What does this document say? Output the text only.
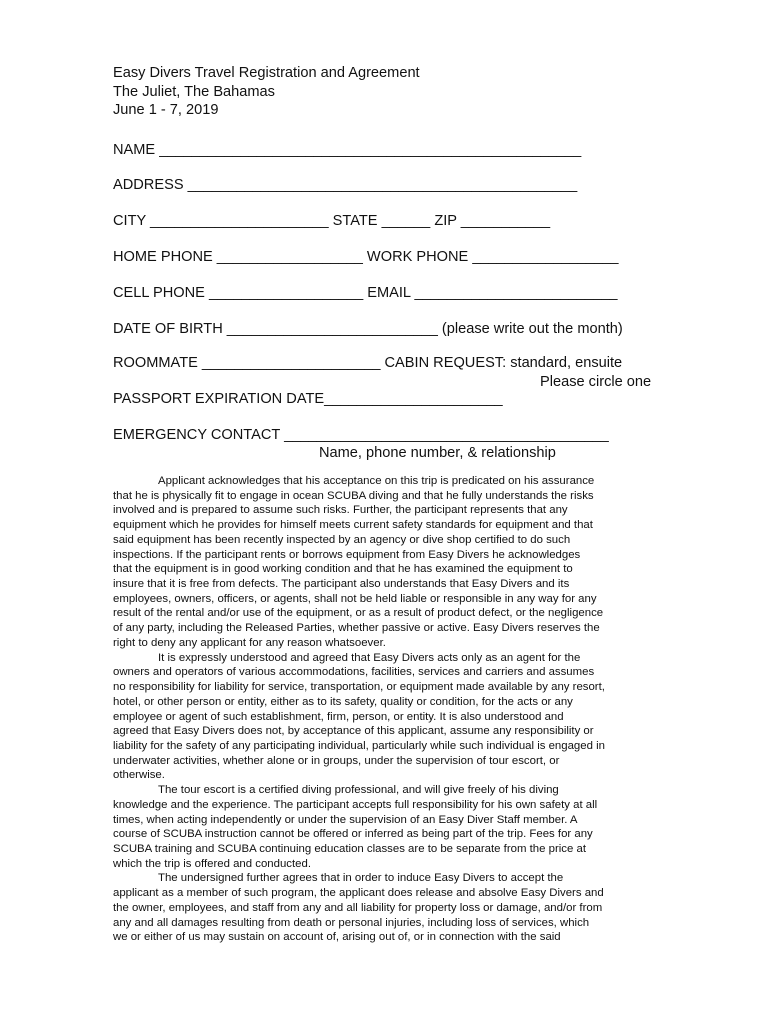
Easy Divers Travel Registration and Agreement
The Juliet, The Bahamas
June 1 - 7, 2019
NAME ____________________________________________________
ADDRESS ________________________________________________
CITY ______________________ STATE ______ ZIP ___________
HOME PHONE __________________ WORK PHONE __________________
CELL PHONE ___________________ EMAIL _________________________
DATE OF BIRTH __________________________ (please write out the month)
ROOMMATE ______________________ CABIN REQUEST: standard, ensuite
Please circle one
PASSPORT EXPIRATION DATE______________________
EMERGENCY CONTACT ________________________________________
Name, phone number, & relationship
Applicant acknowledges that his acceptance on this trip is predicated on his assurance
that he is physically fit to engage in ocean SCUBA diving and that he fully understands the risks
involved and is prepared to assume such risks. Further, the participant represents that any
equipment which he provides for himself meets current safety standards for equipment and that
said equipment has been recently inspected by an agency or dive shop certified to do such
inspections. If the participant rents or borrows equipment from Easy Divers he acknowledges
that the equipment is in good working condition and that he has examined the equipment to
insure that it is free from defects. The participant also understands that Easy Divers and its
employees, owners, officers, or agents, shall not be held liable or responsible in any way for any
result of the rental and/or use of the equipment, or as a result of product defect, or the negligence
of any party, including the Released Parties, whether passive or active. Easy Divers reserves the
right to deny any applicant for any reason whatsoever.
It is expressly understood and agreed that Easy Divers acts only as an agent for the
owners and operators of various accommodations, facilities, services and carriers and assumes
no responsibility for liability for service, transportation, or equipment made available by any resort,
hotel, or other person or entity, either as to its safety, quality or condition, for the acts or any
employee or agent of such establishment, firm, person, or entity. It is also understood and
agreed that Easy Divers does not, by acceptance of this applicant, assume any responsibility or
liability for the safety of any participating individual, particularly while such individual is engaged in
underwater activities, whether alone or in groups, under the supervision of tour escort, or
otherwise.
The tour escort is a certified diving professional, and will give freely of his diving
knowledge and the experience. The participant accepts full responsibility for his own safety at all
times, when acting independently or under the supervision of an Easy Diver Staff member. A
course of SCUBA instruction cannot be offered or inferred as being part of the trip. Fees for any
SCUBA training and SCUBA continuing education classes are to be separate from the price at
which the trip is offered and conducted.
The undersigned further agrees that in order to induce Easy Divers to accept the
applicant as a member of such program, the applicant does release and absolve Easy Divers and
the owner, employees, and staff from any and all liability for property loss or damage, and/or from
any and all damages resulting from death or personal injuries, including loss of services, which
we or either of us may sustain on account of, arising out of, or in connection with the said
